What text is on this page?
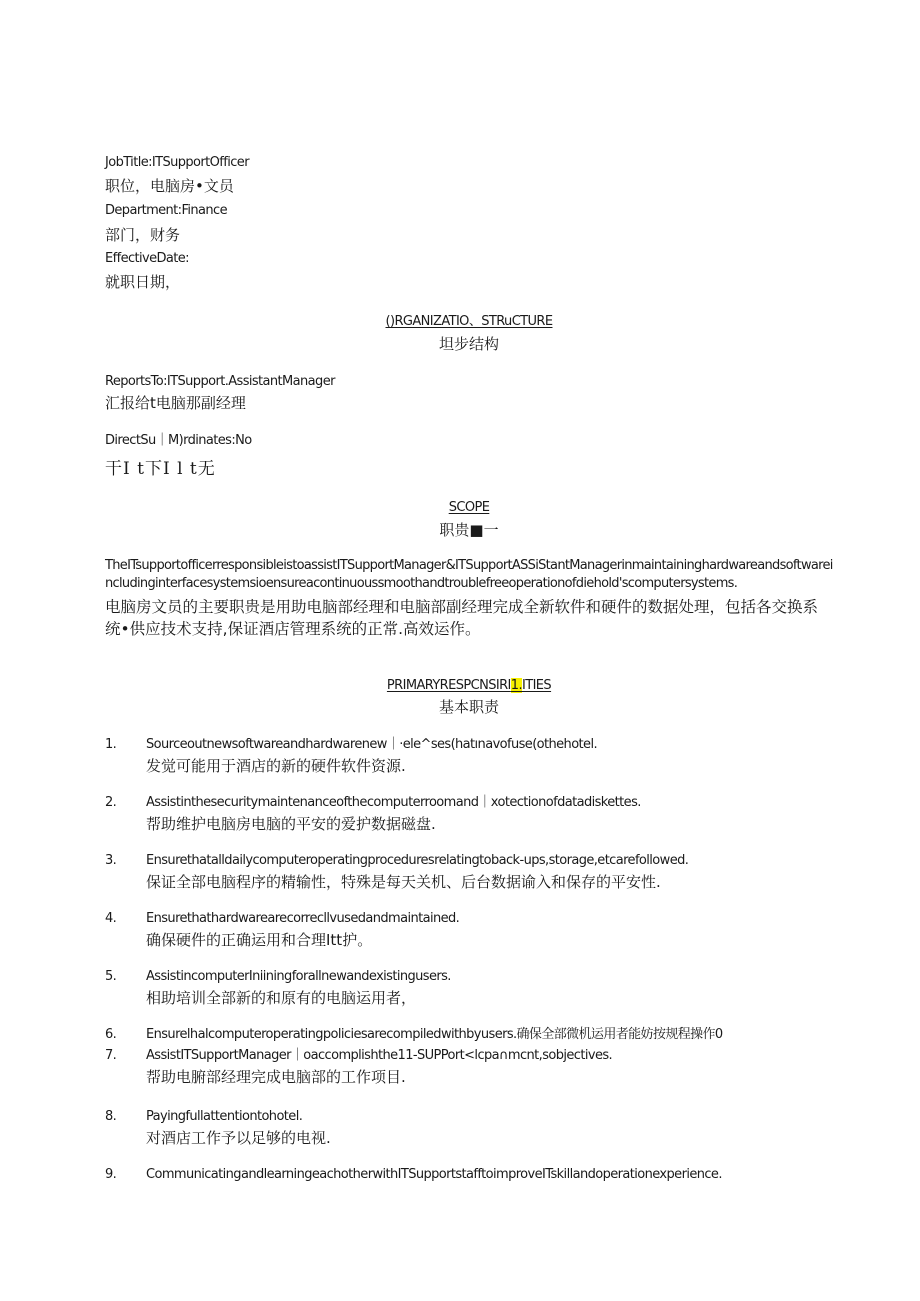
JobTitle:ITSupportOfficer
职位，电脑房•文员
Department:Finance
部门，财务
EffectiveDate:
就职日期，
()RGANIZATIO、STRuCTURE
坦步结构
ReportsTo:ITSupport.AssistantManager
汇报给t电脑那副经理
DirectSu｜M)rdinates:No
干I t下I l t无
SCOPE
职贵■一
TheITsupportofficerresponsibleistoassistITSupportManager&ITSupportASSiStantManagerinmaintaininghardwareandsoftwareincludinginterfacesystemsioensureacontinuoussmoothandtroublefreeoperationofdiehold'scomputersystems.
电脑房文员的主要职贵是用助电脑部经理和电脑部副经理完成全新软件和硬件的数据处理，包括各交换系统•供应技术支持,保证酒店管理系统的正常.高效运作。
PRIMARYRESPCNSIRI1.ITIES
基本职责
1.	Sourceoutnewsoftwareandhardwarenew｜·ele^ses(hatınavofuse(othehotel.
发觉可能用于酒店的新的硬件软件资源.
2.	Assistinthesecuritymaintenanceofthecomputerroomand｜xotectionofdatadiskettes.
帮助维护电脑房电脑的平安的爱护数据磁盘.
3.	Ensurethatalldailycomputeroperatingproceduresrelatingtoback-ups,storage,etcarefollowed.
保证全部电脑程序的精输性，特殊是每天关机、后台数据谕入和保存的平安性.
4.	Ensurethathardwarearecorrecllvusedandmaintained.
确保硬件的正确运用和合理Itt护。
5.	AssistincomputerIniiningforallnewandexistingusers.
相助培训全部新的和原有的电脑运用者，
6.	Ensurelhalcomputeroperatingpoliciesarecompiledwithbyusers.确保全部微机运用者能妨按规程操作0
7.	AssistITSupportManager｜oaccomplishthe11-SUPPort<lcpa∩mcnt,sobjectives.
帮助电腑部经理完成电脑部的工作项目.
8.	Payingfullattentiontohotel.
对酒店工作予以足够的电视.
9.	CommunicatingandlearningeachotherwithITSupportstafftoimproveITskillandoperationexperience.
